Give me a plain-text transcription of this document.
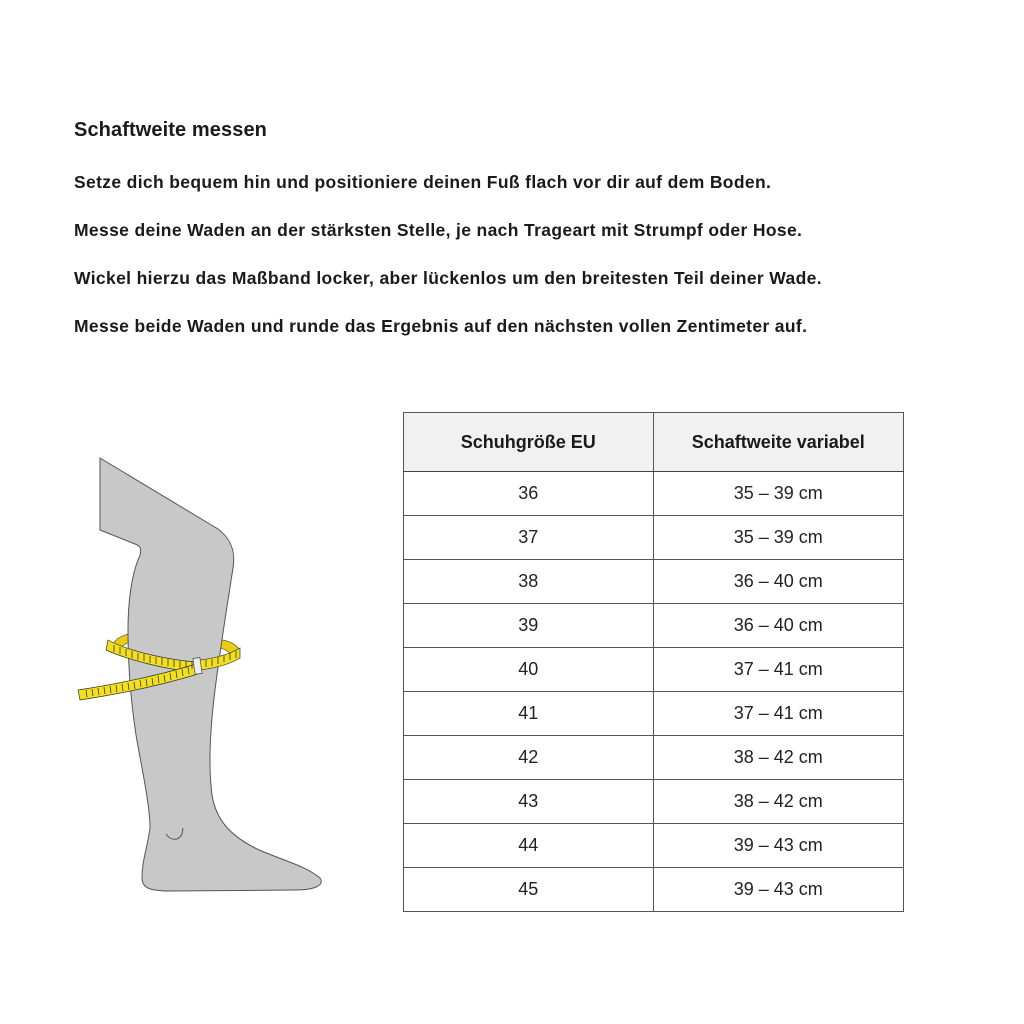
Schaftweite messen
Setze dich bequem hin und positioniere deinen Fuß flach vor dir auf dem Boden.
Messe deine Waden an der stärksten Stelle, je nach Trageart mit Strumpf oder Hose.
Wickel hierzu das Maßband locker, aber lückenlos um den breitesten Teil deiner Wade.
Messe beide Waden und runde das Ergebnis auf den nächsten vollen Zentimeter auf.
Schuhgröße EU	Schaftweite variabel
36	35 – 39 cm
37	35 – 39 cm
38	36 – 40 cm
39	36 – 40 cm
40	37 – 41 cm
41	37 – 41 cm
42	38 – 42 cm
43	38 – 42 cm
44	39 – 43 cm
45	39 – 43 cm
